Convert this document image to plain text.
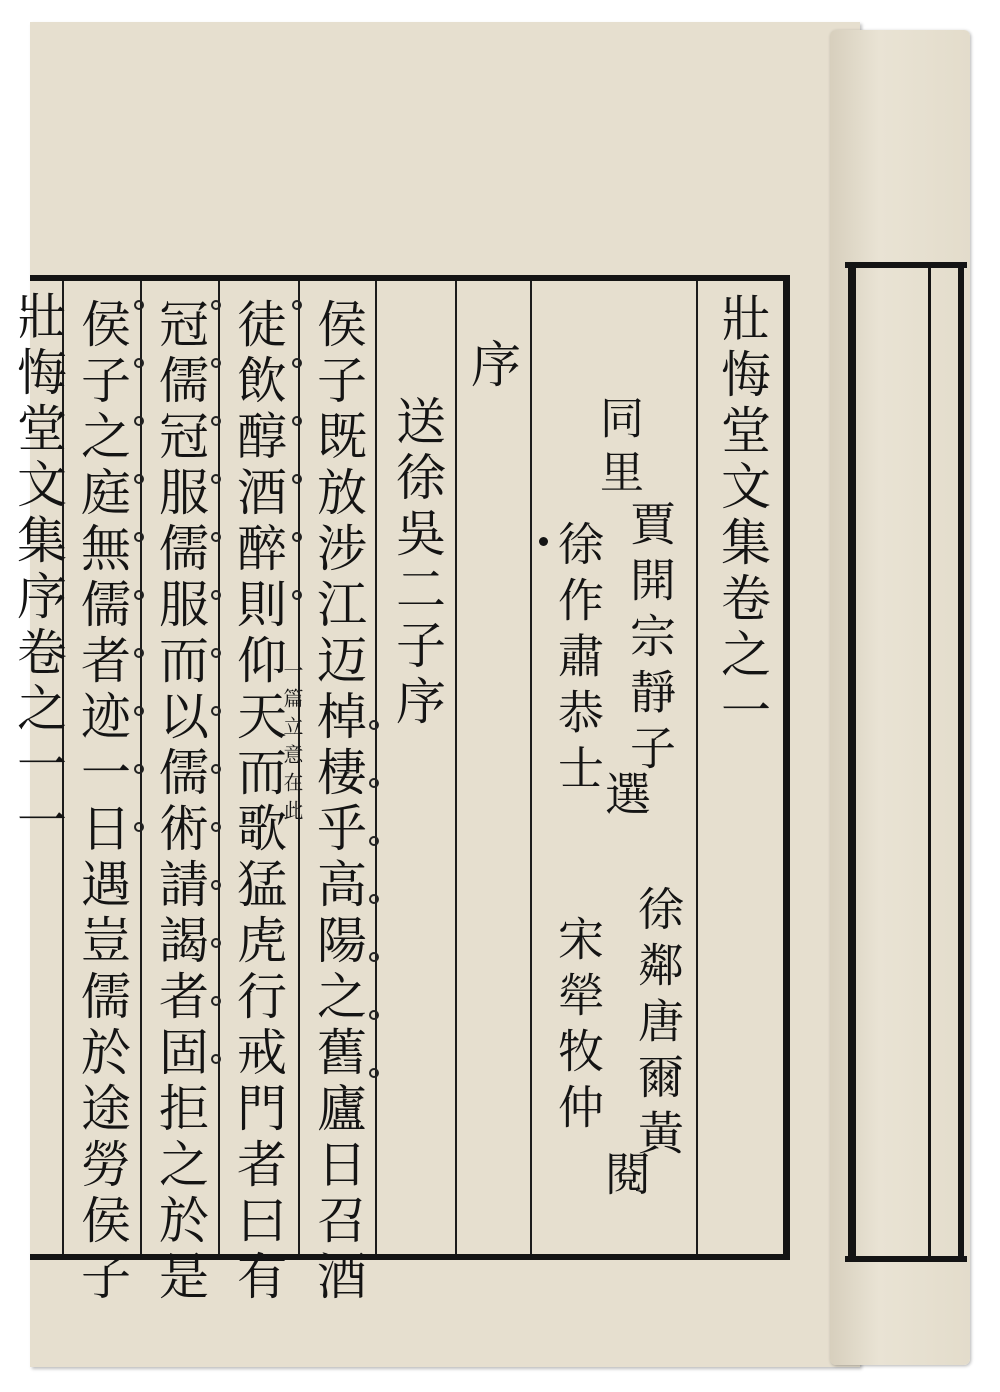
壯悔堂文集序卷之一一	壯悔堂文集卷之一
賈開宗靜子
選
徐鄰唐爾黃
同里
徐作肅恭士
宋犖牧仲
閱
序
送徐吳二子序
侯子既放涉江迈棹棲乎高陽之舊廬日召酒
徒飲醇酒醉則仰天而歌猛虎行戒門者曰有
冠儒冠服儒服而以儒術請謁者固拒之於是
侯子之庭無儒者迹一日遇豈儒於途勞侯子	一篇立意在此
